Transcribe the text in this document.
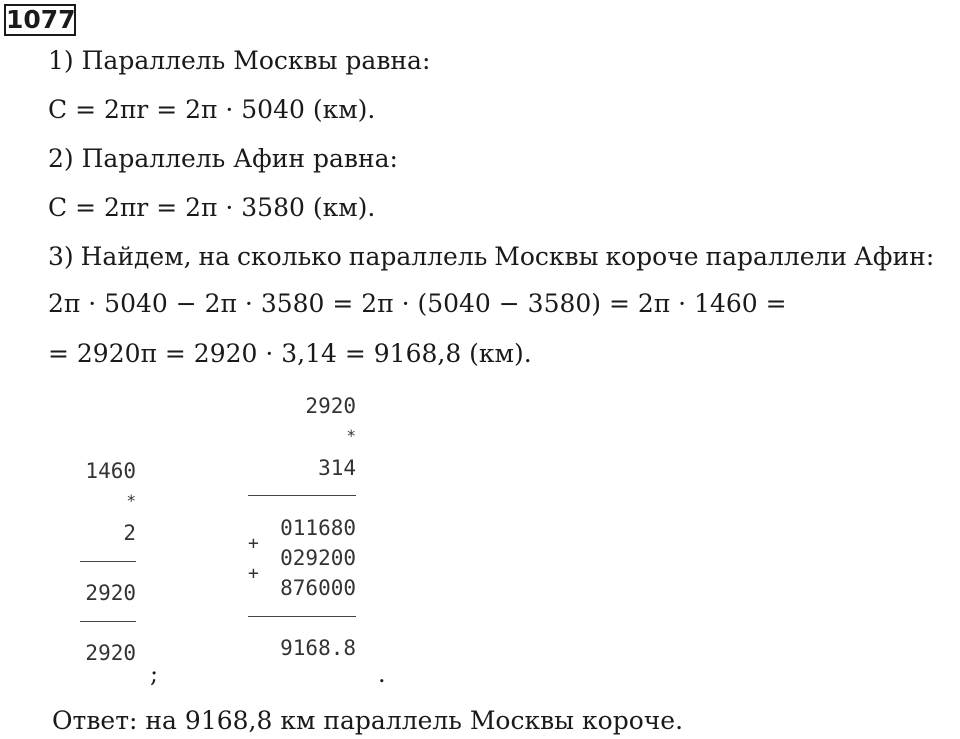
1077
1) Параллель Москвы равна:
C = 2πr = 2π · 5040 (км).
2) Параллель Афин равна:
C = 2πr = 2π · 3580 (км).
3) Найдем, на сколько параллель Москвы короче параллели Афин:
2π · 5040 − 2π · 3580 = 2π · (5040 − 3580) = 2π · 1460 =
= 2920π = 2920 · 3,14 = 9168,8 (км).
1460
*
2
2920
2920
2920
*
314
011680
+
029200
+
876000
9168.8
;	.
Ответ: на 9168,8 км параллель Москвы короче.
